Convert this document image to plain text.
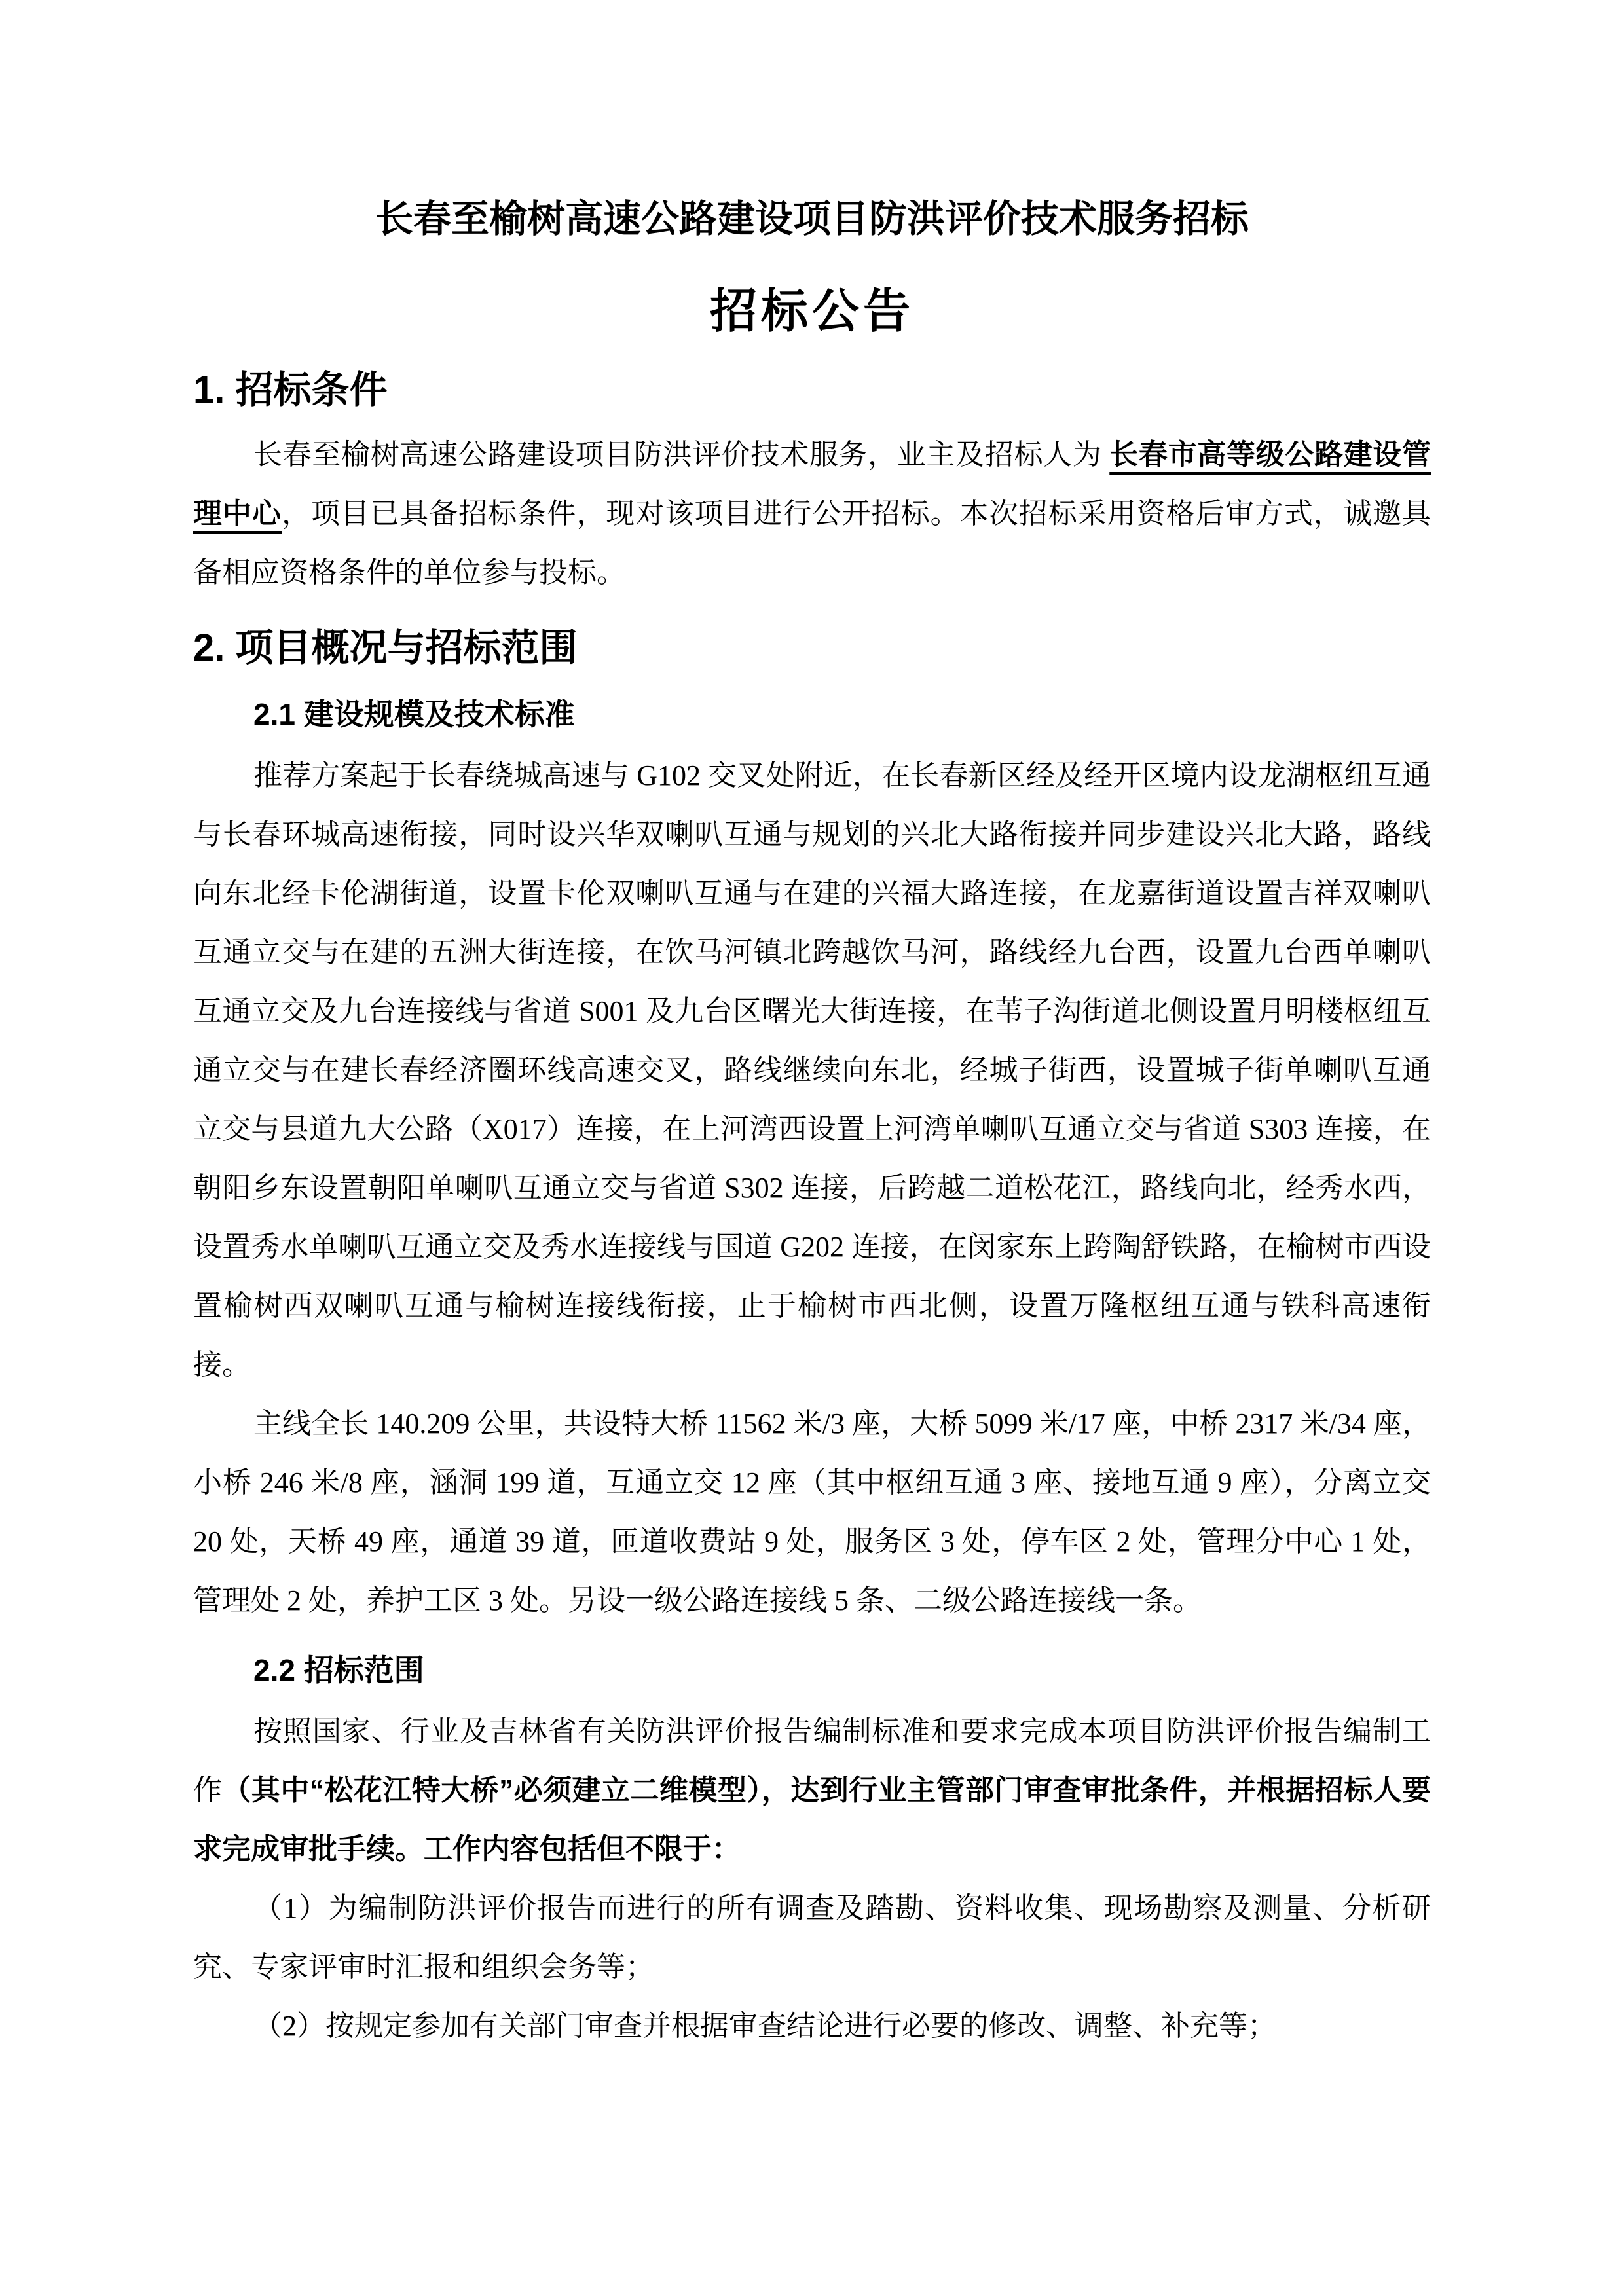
长春至榆树高速公路建设项目防洪评价技术服务招标
招标公告
1. 招标条件

长春至榆树高速公路建设项目防洪评价技术服务，业主及招标人为 长春市高等级公路建设管理中心，项目已具备招标条件，现对该项目进行公开招标。本次招标采用资格后审方式，诚邀具备相应资格条件的单位参与投标。

2. 项目概况与招标范围
2.1 建设规模及技术标准

推荐方案起于长春绕城高速与 G102 交叉处附近，在长春新区经及经开区境内设龙湖枢纽互通与长春环城高速衔接，同时设兴华双喇叭互通与规划的兴北大路衔接并同步建设兴北大路，路线向东北经卡伦湖街道，设置卡伦双喇叭互通与在建的兴福大路连接，在龙嘉街道设置吉祥双喇叭互通立交与在建的五洲大街连接，在饮马河镇北跨越饮马河，路线经九台西，设置九台西单喇叭互通立交及九台连接线与省道 S001 及九台区曙光大街连接，在苇子沟街道北侧设置月明楼枢纽互通立交与在建长春经济圈环线高速交叉，路线继续向东北，经城子街西，设置城子街单喇叭互通立交与县道九大公路（X017）连接，在上河湾西设置上河湾单喇叭互通立交与省道 S303 连接，在朝阳乡东设置朝阳单喇叭互通立交与省道 S302 连接，后跨越二道松花江，路线向北，经秀水西，设置秀水单喇叭互通立交及秀水连接线与国道 G202 连接，在闵家东上跨陶舒铁路，在榆树市西设置榆树西双喇叭互通与榆树连接线衔接，止于榆树市西北侧，设置万隆枢纽互通与铁科高速衔接。

主线全长 140.209 公里，共设特大桥 11562 米/3 座，大桥 5099 米/17 座，中桥 2317 米/34 座，小桥 246 米/8 座，涵洞 199 道，互通立交 12 座（其中枢纽互通 3 座、接地互通 9 座），分离立交 20 处，天桥 49 座，通道 39 道，匝道收费站 9 处，服务区 3 处，停车区 2 处，管理分中心 1 处，管理处 2 处，养护工区 3 处。另设一级公路连接线 5 条、二级公路连接线一条。

2.2 招标范围

按照国家、行业及吉林省有关防洪评价报告编制标准和要求完成本项目防洪评价报告编制工作（其中“松花江特大桥”必须建立二维模型），达到行业主管部门审查审批条件，并根据招标人要求完成审批手续。工作内容包括但不限于：

（1）为编制防洪评价报告而进行的所有调查及踏勘、资料收集、现场勘察及测量、分析研究、专家评审时汇报和组织会务等；

（2）按规定参加有关部门审查并根据审查结论进行必要的修改、调整、补充等；
